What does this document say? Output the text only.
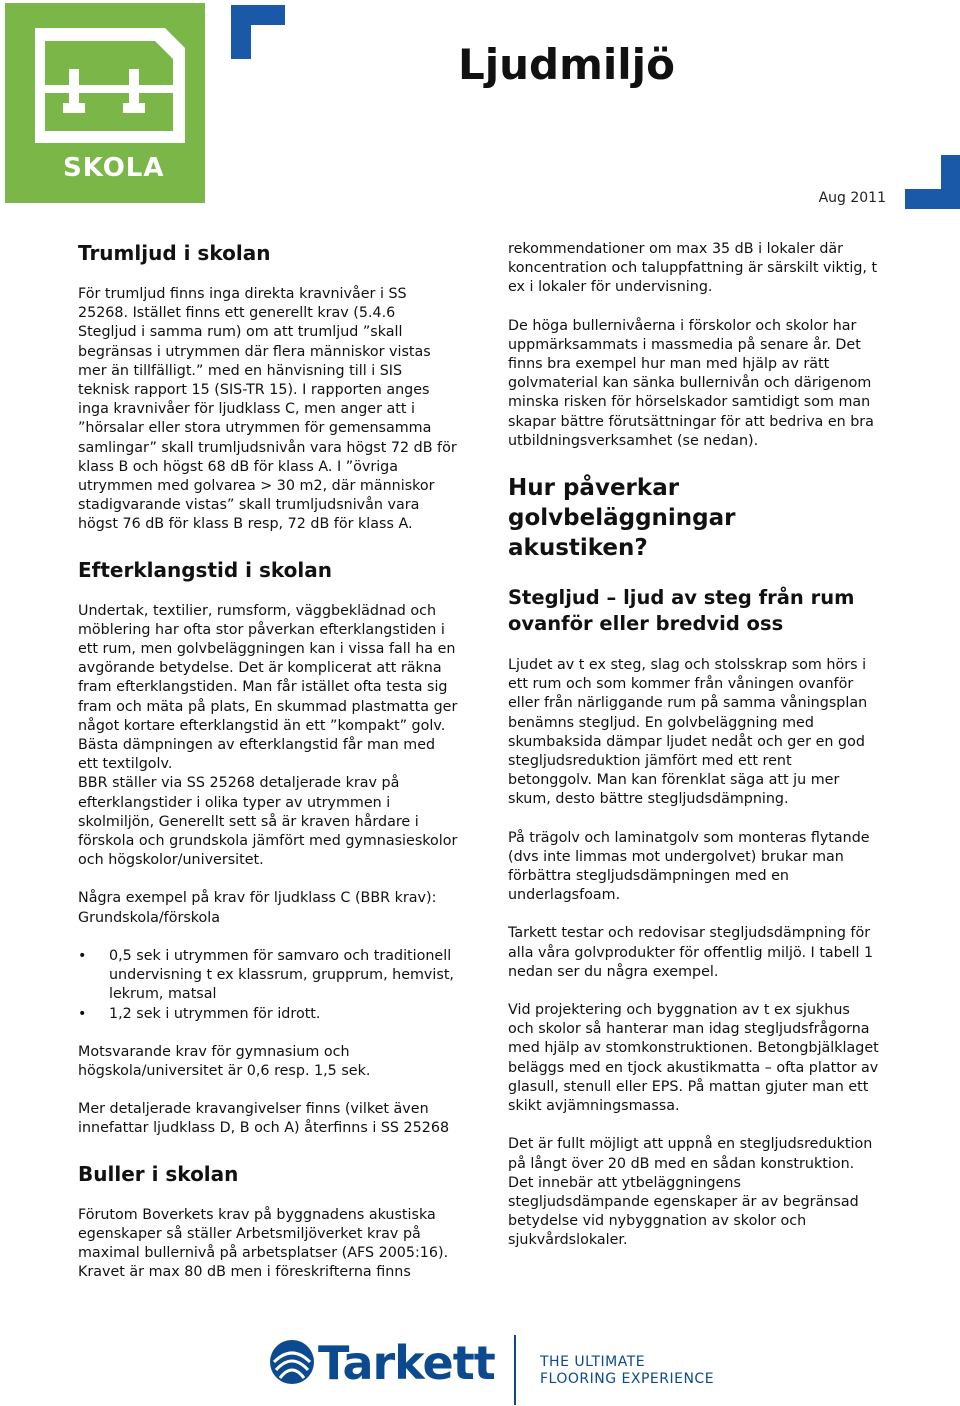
SKOLA
Ljudmiljö
Aug 2011
Trumljud i skolan

För trumljud finns inga direkta kravnivåer i SS 25268. Istället finns ett generellt krav (5.4.6 Stegljud i samma rum) om att trumljud ”skall begränsas i utrymmen där flera människor vistas mer än tillfälligt.” med en hänvisning till i SIS teknisk rapport 15 (SIS-TR 15). I rapporten anges inga kravnivåer för ljudklass C, men anger att i ”hörsalar eller stora utrymmen för gemensamma samlingar” skall trumljudsnivån vara högst 72 dB för klass B och högst 68 dB för klass A. I ”övriga utrymmen med golvarea > 30 m2, där människor stadigvarande vistas” skall trumljudsnivån vara högst 76 dB för klass B resp, 72 dB för klass A.

Efterklangstid i skolan

Undertak, textilier, rumsform, väggbeklädnad och möblering har ofta stor påverkan efterklangstiden i ett rum, men golvbeläggningen kan i vissa fall ha en avgörande betydelse. Det är komplicerat att räkna fram efterklangstiden. Man får istället ofta testa sig fram och mäta på plats, En skummad plastmatta ger något kortare efterklangstid än ett ”kompakt” golv. Bästa dämpningen av efterklangstid får man med ett textilgolv.

BBR ställer via SS 25268 detaljerade krav på efterklangstider i olika typer av utrymmen i skolmiljön, Generellt sett så är kraven hårdare i förskola och grundskola jämfört med gymnasieskolor och högskolor/universitet.

Några exempel på krav för ljudklass C (BBR krav): Grundskola/förskola

• 0,5 sek i utrymmen för samvaro och traditionell undervisning t ex klassrum, grupprum, hemvist, lekrum, matsal
• 1,2 sek i utrymmen för idrott.

Motsvarande krav för gymnasium och högskola/universitet är 0,6 resp. 1,5 sek.

Mer detaljerade kravangivelser finns (vilket även innefattar ljudklass D, B och A) återfinns i SS 25268

Buller i skolan

Förutom Boverkets krav på byggnadens akustiska egenskaper så ställer Arbetsmiljöverket krav på maximal bullernivå på arbetsplatser (AFS 2005:16). Kravet är max 80 dB men i föreskrifterna finns

rekommendationer om max 35 dB i lokaler där koncentration och taluppfattning är särskilt viktig, t ex i lokaler för undervisning.

De höga bullernivåerna i förskolor och skolor har uppmärksammats i massmedia på senare år. Det finns bra exempel hur man med hjälp av rätt golvmaterial kan sänka bullernivån och därigenom minska risken för hörselskador samtidigt som man skapar bättre förutsättningar för att bedriva en bra utbildningsverksamhet (se nedan).

Hur påverkar golvbeläggningar akustiken?
Stegljud – ljud av steg från rum ovanför eller bredvid oss

Ljudet av t ex steg, slag och stolsskrap som hörs i ett rum och som kommer från våningen ovanför eller från närliggande rum på samma våningsplan benämns stegljud. En golvbeläggning med skumbaksida dämpar ljudet nedåt och ger en god stegljudsreduktion jämfört med ett rent betonggolv. Man kan förenklat säga att ju mer skum, desto bättre stegljudsdämpning.

På trägolv och laminatgolv som monteras flytande (dvs inte limmas mot undergolvet) brukar man förbättra stegljudsdämpningen med en underlagsfoam.

Tarkett testar och redovisar stegljudsdämpning för alla våra golvprodukter för offentlig miljö. I tabell 1 nedan ser du några exempel.

Vid projektering och byggnation av t ex sjukhus och skolor så hanterar man idag stegljudsfrågorna med hjälp av stomkonstruktionen. Betongbjälklaget beläggs med en tjock akustikmatta – ofta plattor av glasull, stenull eller EPS. På mattan gjuter man ett skikt avjämningsmassa.

Det är fullt möjligt att uppnå en stegljudsreduktion på långt över 20 dB med en sådan konstruktion. Det innebär att ytbeläggningens stegljudsdämpande egenskaper är av begränsad betydelse vid nybyggnation av skolor och sjukvårdslokaler.

Tarkett	THE ULTIMATE
FLOORING EXPERIENCE
